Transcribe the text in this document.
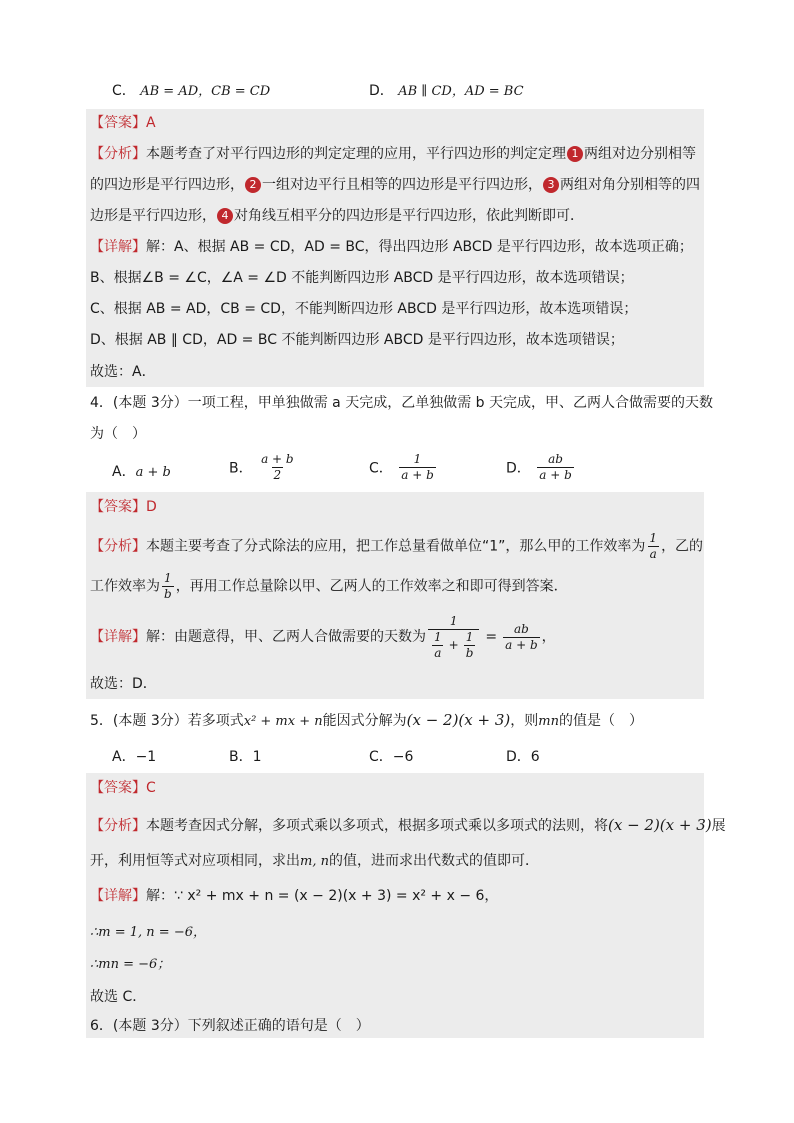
C． AB = AD，CB = CD	D． AB ∥ CD，AD = BC
【答案】A
【分析】本题考查了对平行四边形的判定定理的应用，平行四边形的判定定理 1 两组对边分别相等
的四边形是平行四边形， 2 一组对边平行且相等的四边形是平行四边形， 3 两组对角分别相等的四
边形是平行四边形， 4 对角线互相平分的四边形是平行四边形，依此判断即可．
【详解】解：A、根据 AB = CD，AD = BC，得出四边形 ABCD 是平行四边形，故本选项正确；
B、根据∠B = ∠C，∠A = ∠D 不能判断四边形 ABCD 是平行四边形，故本选项错误；
C、根据 AB = AD，CB = CD，不能判断四边形 ABCD 是平行四边形，故本选项错误；
D、根据 AB ∥ CD，AD = BC 不能判断四边形 ABCD 是平行四边形，故本选项错误；
故选：A．
4．(本题 3分）一项工程，甲单独做需 a 天完成，乙单独做需 b 天完成，甲、乙两人合做需要的天数
为（　）
A．a + b	B． $\frac{a + b}{2}$	C． $\frac{1}{a + b}$	D． $\frac{ab}{a + b}$
【答案】D
【分析】本题主要考查了分式除法的应用，把工作总量看做单位“1”，那么甲的工作效率为 $\frac{1}{a}$ ，乙的
工作效率为 $\frac{1}{b}$ ，再用工作总量除以甲、乙两人的工作效率之和即可得到答案．
【详解】解：由题意得，甲、乙两人合做需要的天数为 $\frac{1}{\frac{1}{a} + \frac{1}{b}} = \frac{ab}{a + b}$ ，
故选：D．
5．(本题 3分）若多项式x² + mx + n能因式分解为(x − 2)(x + 3)，则mn的值是（　）
A．−1	B．1	C．−6	D．6
【答案】C
【分析】本题考查因式分解，多项式乘以多项式，根据多项式乘以多项式的法则，将(x − 2)(x + 3)展
开，利用恒等式对应项相同，求出m, n的值，进而求出代数式的值即可．
【详解】解：∵ x² + mx + n = (x − 2)(x + 3) = x² + x − 6，
∴m = 1, n = −6，
∴mn = −6；
故选 C．
6．(本题 3分）下列叙述正确的语句是（　）
